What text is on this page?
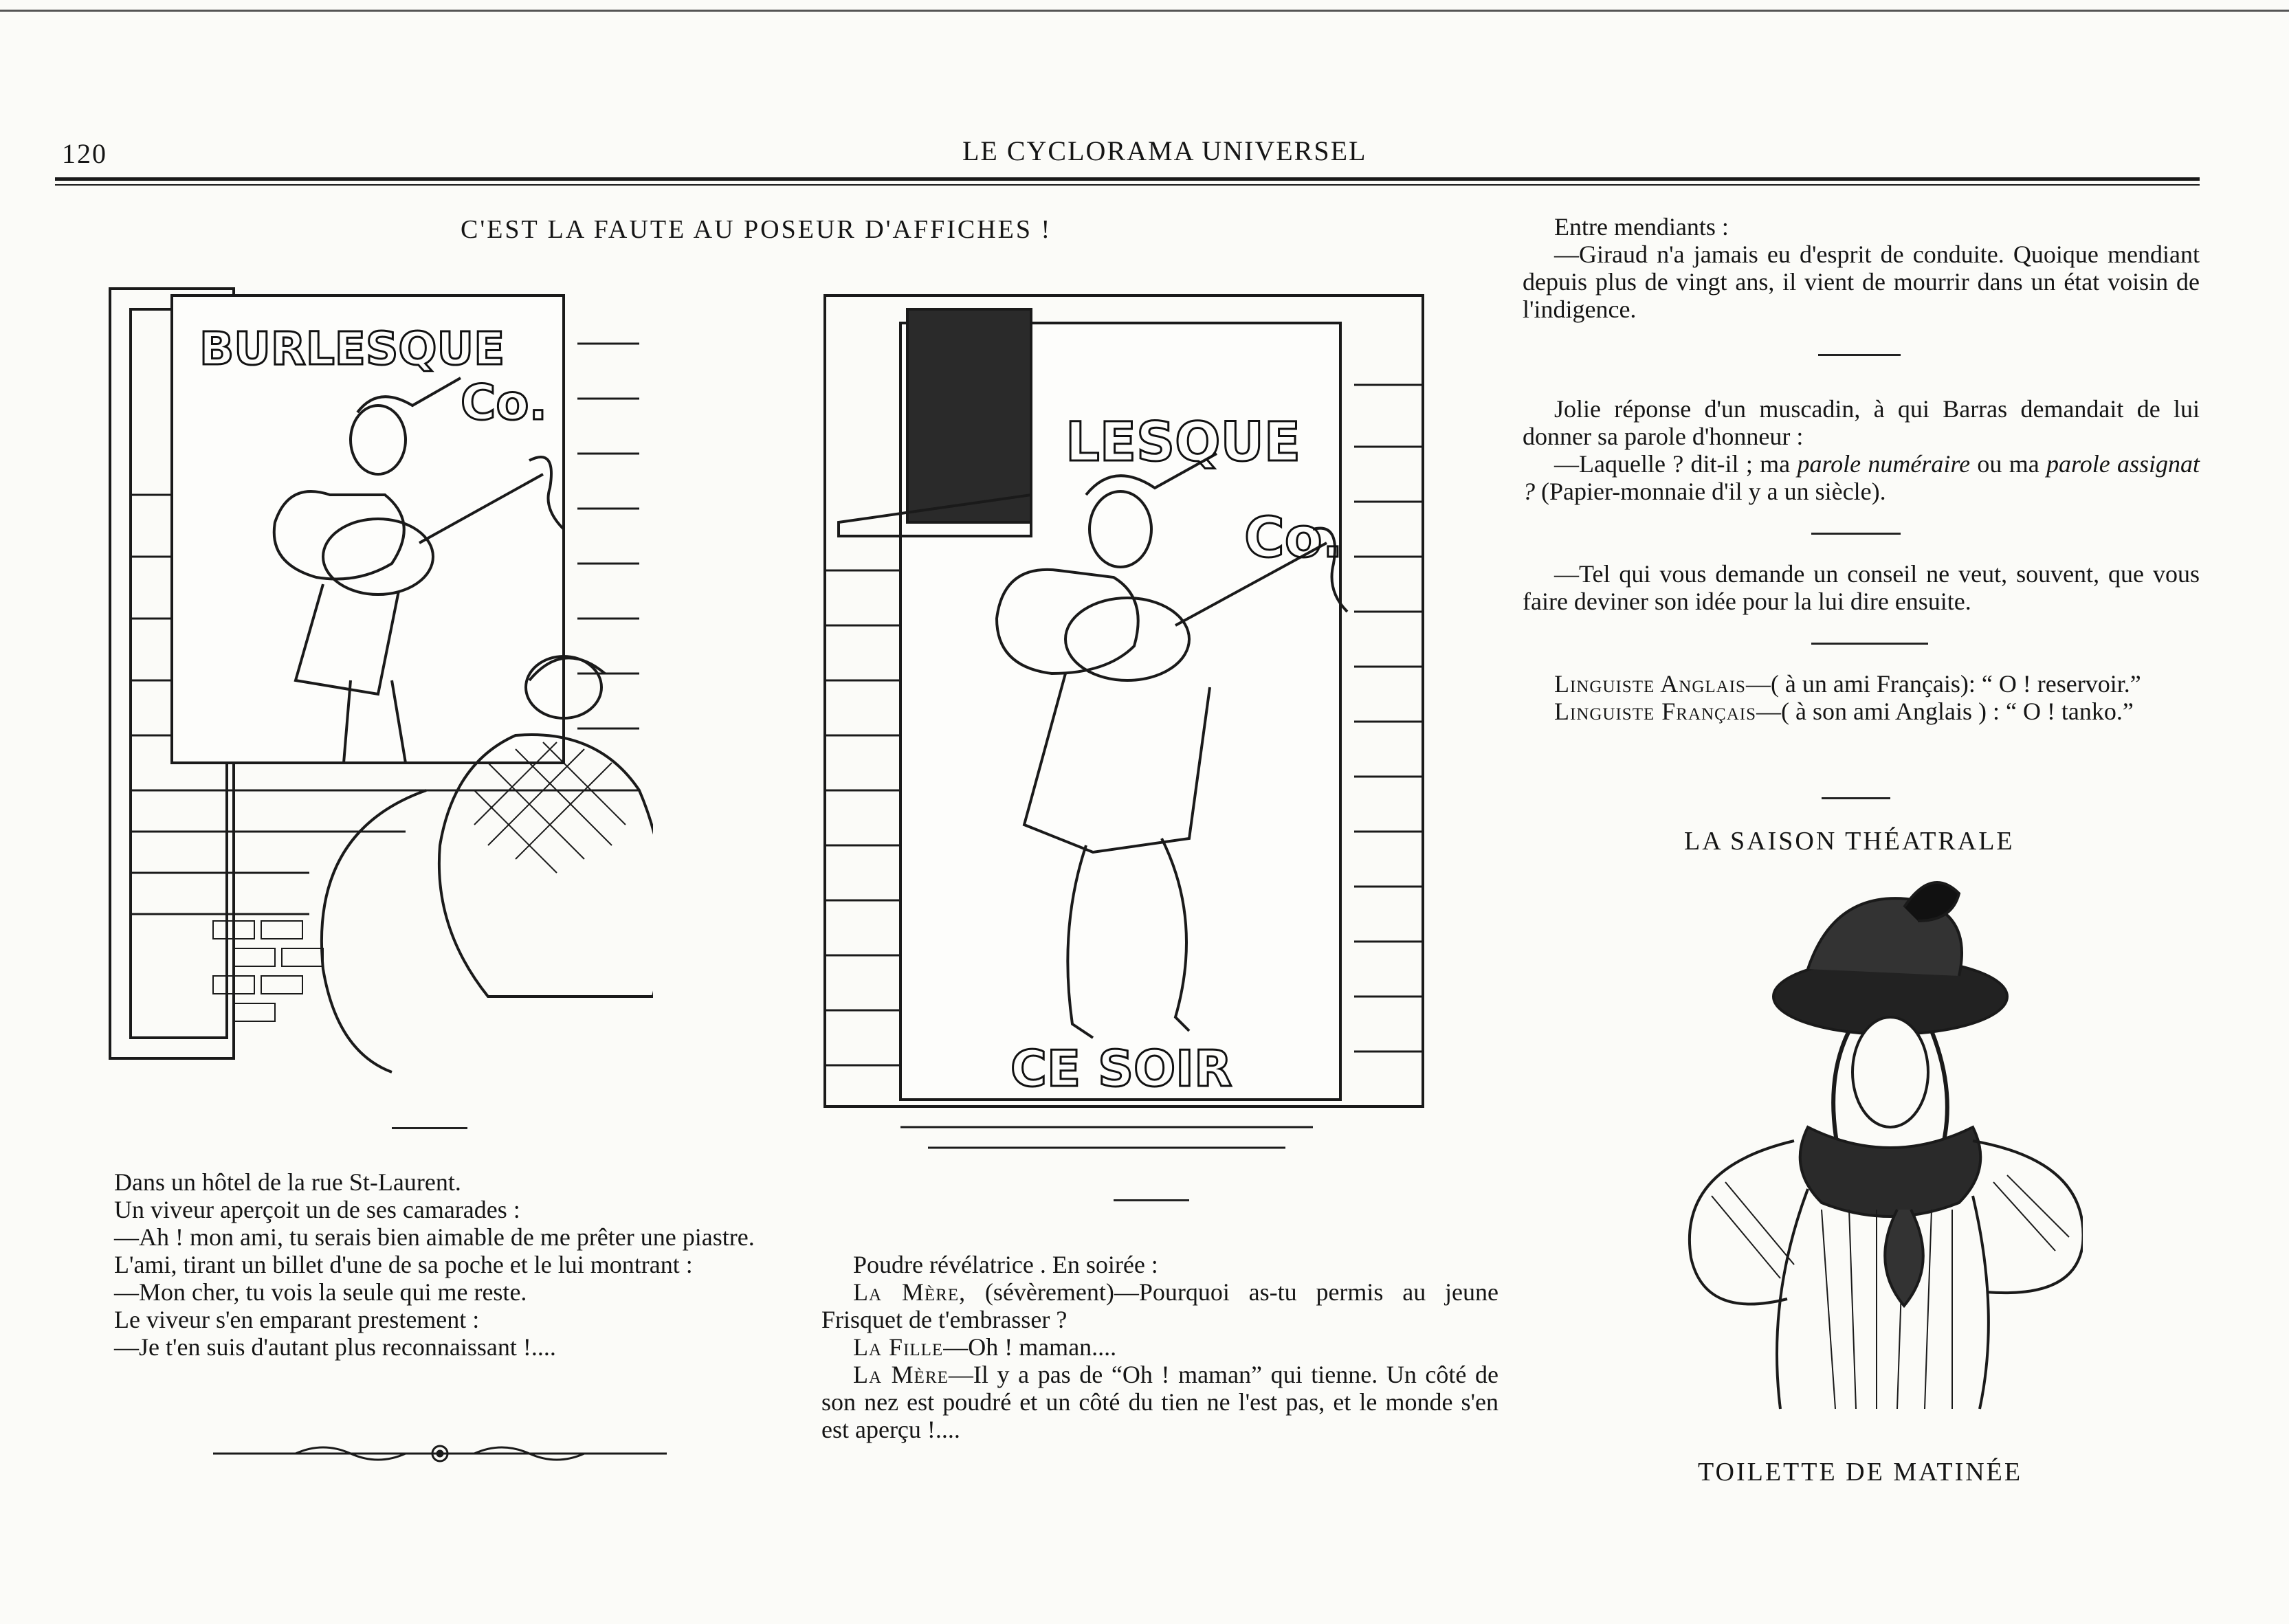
120	LE CYCLORAMA UNIVERSEL
C'EST LA FAUTE AU POSEUR D'AFFICHES !
BURLESQUE
Co.
LESQUE
Co.
CE SOIR
Dans un hôtel de la rue St-Laurent.
Un viveur aperçoit un de ses camarades :
—Ah ! mon ami, tu serais bien aimable de me prêter une piastre.
L'ami, tirant un billet d'une de sa poche et le lui montrant :
—Mon cher, tu vois la seule qui me reste.
Le viveur s'en emparant prestement :
—Je t'en suis d'autant plus reconnaissant !....
Poudre révélatrice . En soirée :
La Mère, (sévèrement)—Pourquoi as-tu permis au jeune Frisquet de t'embrasser ?
La Fille—Oh ! maman....
La Mère—Il y a pas de “Oh ! maman” qui tienne. Un côté de son nez est poudré et un côté du tien ne l'est pas, et le monde s'en est aperçu !....
Entre mendiants :
—Giraud n'a jamais eu d'esprit de conduite. Quoique mendiant depuis plus de vingt ans, il vient de mourrir dans un état voisin de l'indigence.
Jolie réponse d'un muscadin, à qui Barras demandait de lui donner sa parole d'honneur :
—Laquelle ? dit-il ; ma parole numéraire ou ma parole assignat ? (Papier-monnaie d'il y a un siècle).
—Tel qui vous demande un conseil ne veut, souvent, que vous faire deviner son idée pour la lui dire ensuite.
Linguiste Anglais—( à un ami Français): “ O ! reservoir.”
Linguiste Français—( à son ami Anglais ) : “ O ! tanko.”
LA SAISON THÉATRALE
TOILETTE DE MATINÉE
